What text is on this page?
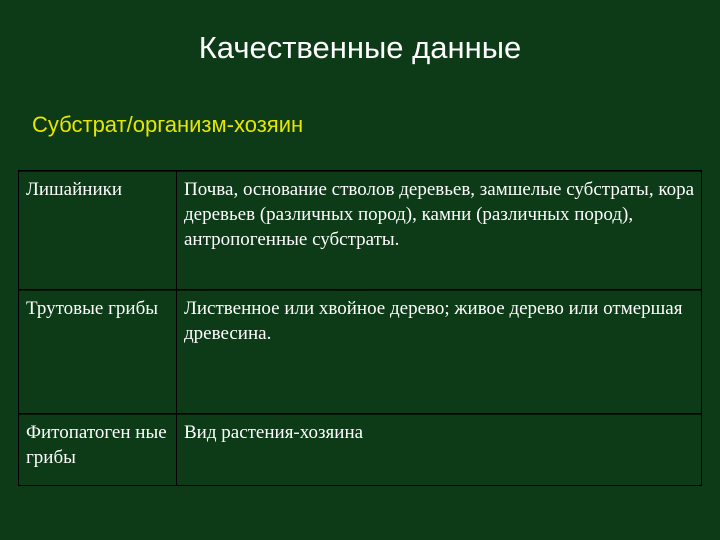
Качественные данные
Субстрат/организм-хозяин
Лишайники	Почва, основание стволов деревьев, замшелые субстраты, кора деревьев (различных пород), камни (различных пород), антропогенные субстраты.
Трутовые грибы	Лиственное или хвойное дерево; живое дерево или отмершая древесина.
Фитопатоген ные грибы	Вид растения-хозяина
